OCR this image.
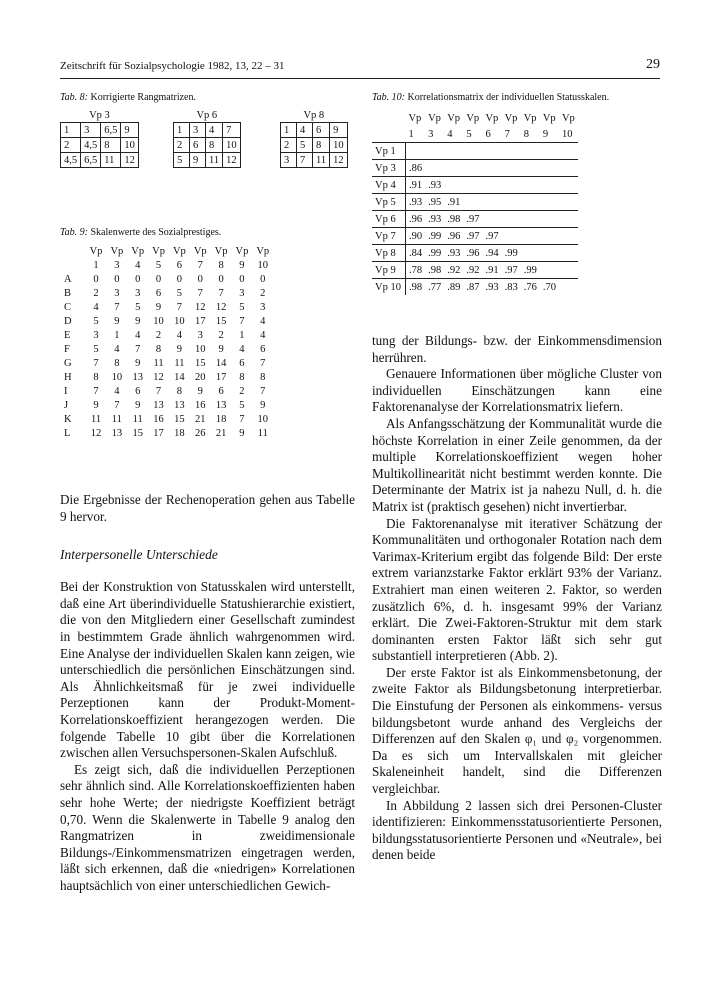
Zeitschrift für Sozialpsychologie 1982, 13, 22 – 31	29
Tab. 8: Korrigierte Rangmatrizen.
Vp 3			
1	3	6,5	9
2	4,5	8	10
4,5	6,5	11	12
Vp 6			
1	3	4	7
2	6	8	10
5	9	11	12
Vp 8			
1	4	6	9
2	5	8	10
3	7	11	12
Tab. 9: Skalenwerte des Sozialprestiges.
	Vp	Vp	Vp	Vp	Vp	Vp	Vp	Vp	Vp
	1	3	4	5	6	7	8	9	10
A	0	0	0	0	0	0	0	0	0
B	2	3	3	6	5	7	7	3	2
C	4	7	5	9	7	12	12	5	3
D	5	9	9	10	10	17	15	7	4
E	3	1	4	2	4	3	2	1	4
F	5	4	7	8	9	10	9	4	6
G	7	8	9	11	11	15	14	6	7
H	8	10	13	12	14	20	17	8	8
I	7	4	6	7	8	9	6	2	7
J	9	7	9	13	13	16	13	5	9
K	11	11	11	16	15	21	18	7	10
L	12	13	15	17	18	26	21	9	11

Die Ergebnisse der Rechenoperation gehen aus Tabelle 9 hervor.

Interpersonelle Unterschiede

Bei der Konstruktion von Statusskalen wird unterstellt, daß eine Art überindividuelle Statushierarchie existiert, die von den Mitgliedern einer Gesellschaft zumindest in bestimmtem Grade ähnlich wahrgenommen wird. Eine Analyse der individuellen Skalen kann zeigen, wie unterschiedlich die persönlichen Einschätzungen sind. Als Ähnlichkeitsmaß für je zwei individuelle Perzeptionen kann der Produkt-Moment-Korrelationskoeffizient herangezogen werden. Die folgende Tabelle 10 gibt über die Korrelationen zwischen allen Versuchspersonen-Skalen Aufschluß.

Es zeigt sich, daß die individuellen Perzeptionen sehr ähnlich sind. Alle Korrelationskoeffizienten haben sehr hohe Werte; der niedrigste Koeffizient beträgt 0,70. Wenn die Skalenwerte in Tabelle 9 analog den Rangmatrizen in zweidimensionale Bildungs-/Einkommensmatrizen eingetragen werden, läßt sich erkennen, daß die «niedrigen» Korrelationen hauptsächlich von einer unterschiedlichen Gewich-

Tab. 10: Korrelationsmatrix der individuellen Statusskalen.
	Vp	Vp	Vp	Vp	Vp	Vp	Vp	Vp	Vp
	1	3	4	5	6	7	8	9	10
Vp 1									
Vp 3	.86								
Vp 4	.91	.93							
Vp 5	.93	.95	.91						
Vp 6	.96	.93	.98	.97					
Vp 7	.90	.99	.96	.97	.97				
Vp 8	.84	.99	.93	.96	.94	.99			
Vp 9	.78	.98	.92	.92	.91	.97	.99		
Vp 10	.98	.77	.89	.87	.93	.83	.76	.70	

tung der Bildungs- bzw. der Einkommensdimension herrühren.

Genauere Informationen über mögliche Cluster von individuellen Einschätzungen kann eine Faktorenanalyse der Korrelationsmatrix liefern.

Als Anfangsschätzung der Kommunalität wurde die höchste Korrelation in einer Zeile genommen, da der multiple Korrelationskoeffizient wegen hoher Multikollinearität nicht bestimmt werden konnte. Die Determinante der Matrix ist ja nahezu Null, d. h. die Matrix ist (praktisch gesehen) nicht invertierbar.

Die Faktorenanalyse mit iterativer Schätzung der Kommunalitäten und orthogonaler Rotation nach dem Varimax-Kriterium ergibt das folgende Bild: Der erste extrem varianzstarke Faktor erklärt 93% der Varianz. Extrahiert man einen weiteren 2. Faktor, so werden zusätzlich 6%, d. h. insgesamt 99% der Varianz erklärt. Die Zwei-Faktoren-Struktur mit dem stark dominanten ersten Faktor läßt sich sehr gut substantiell interpretieren (Abb. 2).

Der erste Faktor ist als Einkommensbetonung, der zweite Faktor als Bildungsbetonung interpretierbar. Die Einstufung der Personen als einkommens- versus bildungsbetont wurde anhand des Vergleichs der Differenzen auf den Skalen φ₁ und φ₂ vorgenommen. Da es sich um Intervallskalen mit gleicher Skaleneinheit handelt, sind die Differenzen vergleichbar.

In Abbildung 2 lassen sich drei Personen-Cluster identifizieren: Einkommensstatusorientierte Personen, bildungsstatusorientierte Personen und «Neutrale», bei denen beide
